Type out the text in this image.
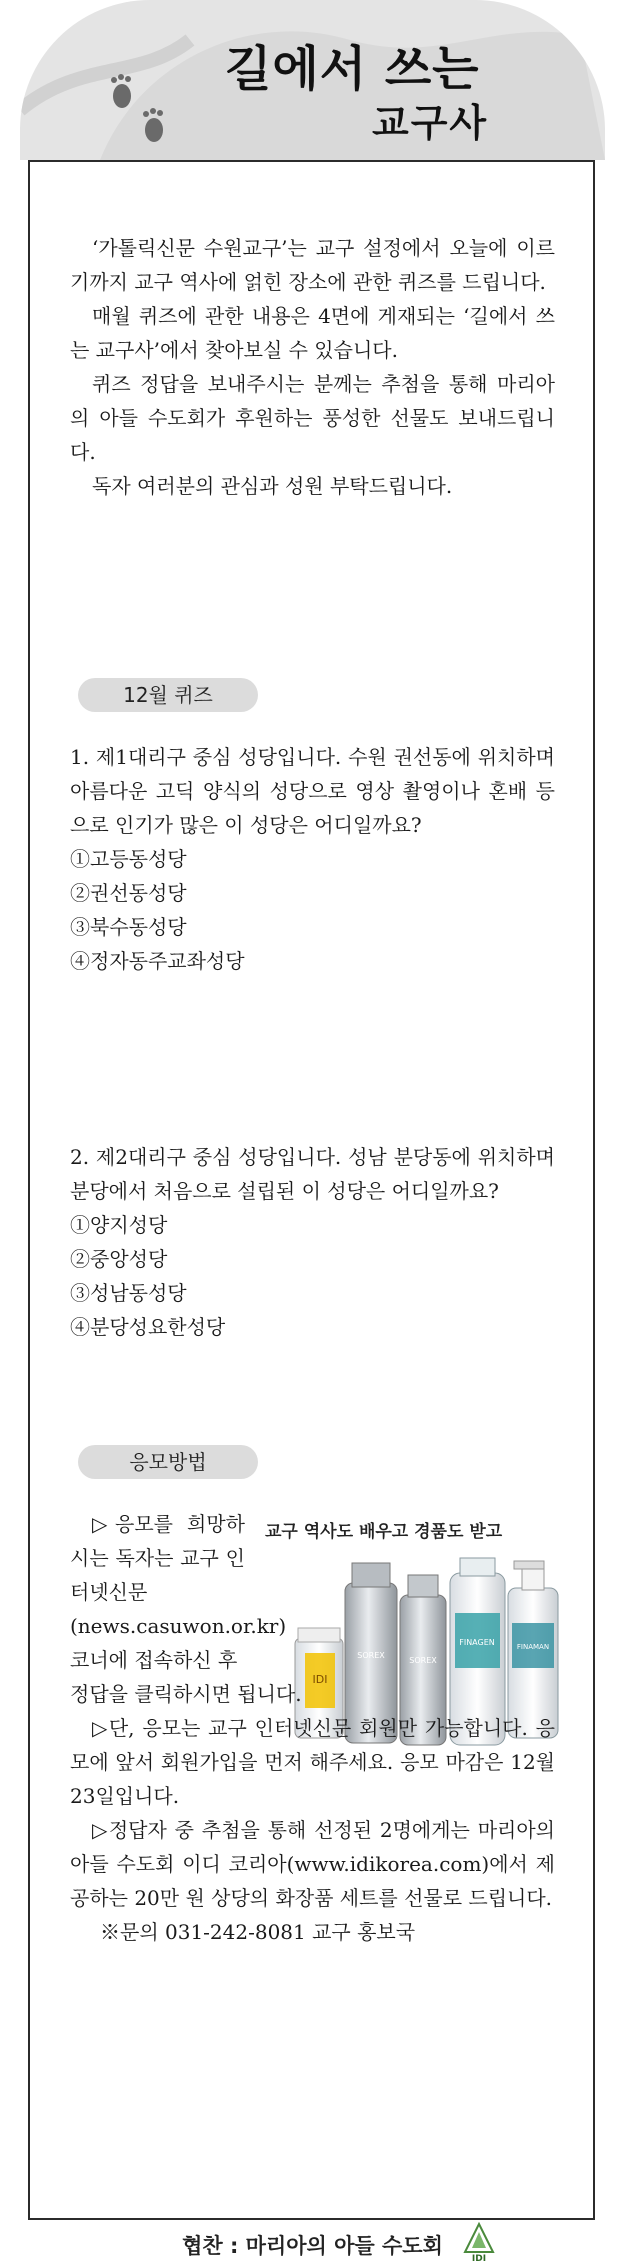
길에서 쓰는
교구사

‘가톨릭신문 수원교구’는 교구 설정에서 오늘에 이르기까지 교구 역사에 얽힌 장소에 관한 퀴즈를 드립니다.

매월 퀴즈에 관한 내용은 4면에 게재되는 ‘길에서 쓰는 교구사’에서 찾아보실 수 있습니다.

퀴즈 정답을 보내주시는 분께는 추첨을 통해 마리아의 아들 수도회가 후원하는 풍성한 선물도 보내드립니다.

독자 여러분의 관심과 성원 부탁드립니다.

12월 퀴즈

1. 제1대리구 중심 성당입니다. 수원 권선동에 위치하며 아름다운 고딕 양식의 성당으로 영상 촬영이나 혼배 등으로 인기가 많은 이 성당은 어디일까요?

①고등동성당

②권선동성당

③북수동성당

④정자동주교좌성당

2. 제2대리구 중심 성당입니다. 성남 분당동에 위치하며 분당에서 처음으로 설립된 이 성당은 어디일까요?

①양지성당

②중앙성당

③성남동성당

④분당성요한성당

응모방법
교구 역사도 배우고 경품도 받고
IDI
SOREX
SOREX
FINAGEN	FINAMAN

▷응모를 희망하시는 독자는 교구 인터넷신문(news.casuwon.or.kr) 코너에 접속하신 후

정답을 클릭하시면 됩니다.

▷단, 응모는 교구 인터넷신문 회원만 가능합니다. 응모에 앞서 회원가입을 먼저 해주세요. 응모 마감은 12월 23일입니다.

▷정답자 중 추첨을 통해 선정된 2명에게는 마리아의 아들 수도회 이디 코리아(www.idikorea.com)에서 제공하는 20만 원 상당의 화장품 세트를 선물로 드립니다.

※문의 031-242-8081 교구 홍보국

협찬 : 마리아의 아들 수도회
IDI
